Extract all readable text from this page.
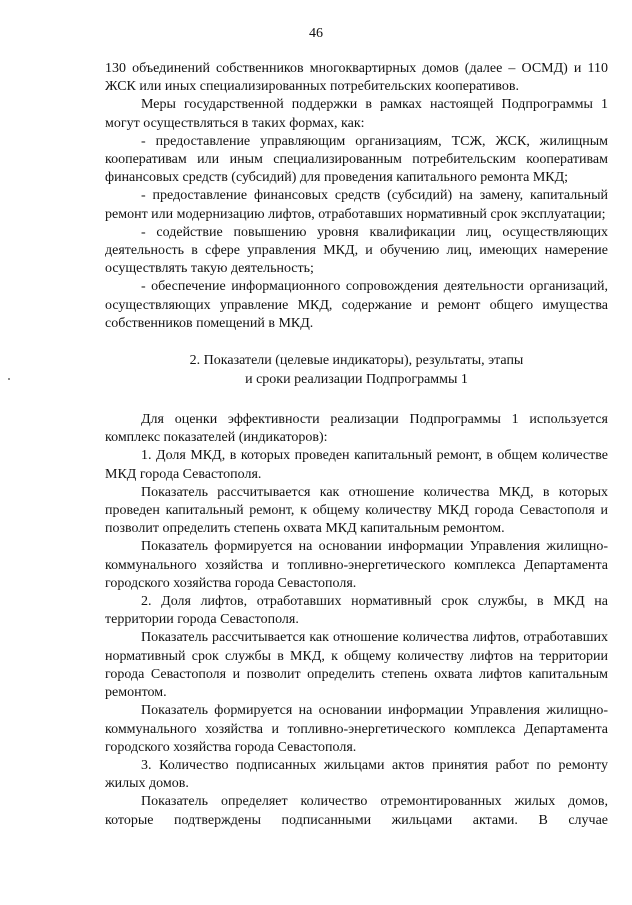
46

130 объединений собственников многоквартирных домов (далее – ОСМД) и 110 ЖСК или иных специализированных потребительских кооперативов.

Меры государственной поддержки в рамках настоящей Подпрограммы 1 могут осуществляться в таких формах, как:

- предоставление управляющим организациям, ТСЖ, ЖСК, жилищным кооперативам или иным специализированным потребительским кооперативам финансовых средств (субсидий) для проведения капитального ремонта МКД;

- предоставление финансовых средств (субсидий) на замену, капитальный ремонт или модернизацию лифтов, отработавших нормативный срок эксплуатации;

- содействие повышению уровня квалификации лиц, осуществляющих деятельность в сфере управления МКД, и обучению лиц, имеющих намерение осуществлять такую деятельность;

- обеспечение информационного сопровождения деятельности организаций, осуществляющих управление МКД, содержание и ремонт общего имущества собственников помещений в МКД.

2. Показатели (целевые индикаторы), результаты, этапы
и сроки реализации Подпрограммы 1

Для оценки эффективности реализации Подпрограммы 1 используется комплекс показателей (индикаторов):

1. Доля МКД, в которых проведен капитальный ремонт, в общем количестве МКД города Севастополя.

Показатель рассчитывается как отношение количества МКД, в которых проведен капитальный ремонт, к общему количеству МКД города Севастополя и позволит определить степень охвата МКД капитальным ремонтом.

Показатель формируется на основании информации Управления жилищно-коммунального хозяйства и топливно-энергетического комплекса Департамента городского хозяйства города Севастополя.

2. Доля лифтов, отработавших нормативный срок службы, в МКД на территории города Севастополя.

Показатель рассчитывается как отношение количества лифтов, отработавших нормативный срок службы в МКД, к общему количеству лифтов на территории города Севастополя и позволит определить степень охвата лифтов капитальным ремонтом.

Показатель формируется на основании информации Управления жилищно-коммунального хозяйства и топливно-энергетического комплекса Департамента городского хозяйства города Севастополя.

3. Количество подписанных жильцами актов принятия работ по ремонту жилых домов.

Показатель определяет количество отремонтированных жилых домов, которые подтверждены подписанными жильцами актами. В случае
